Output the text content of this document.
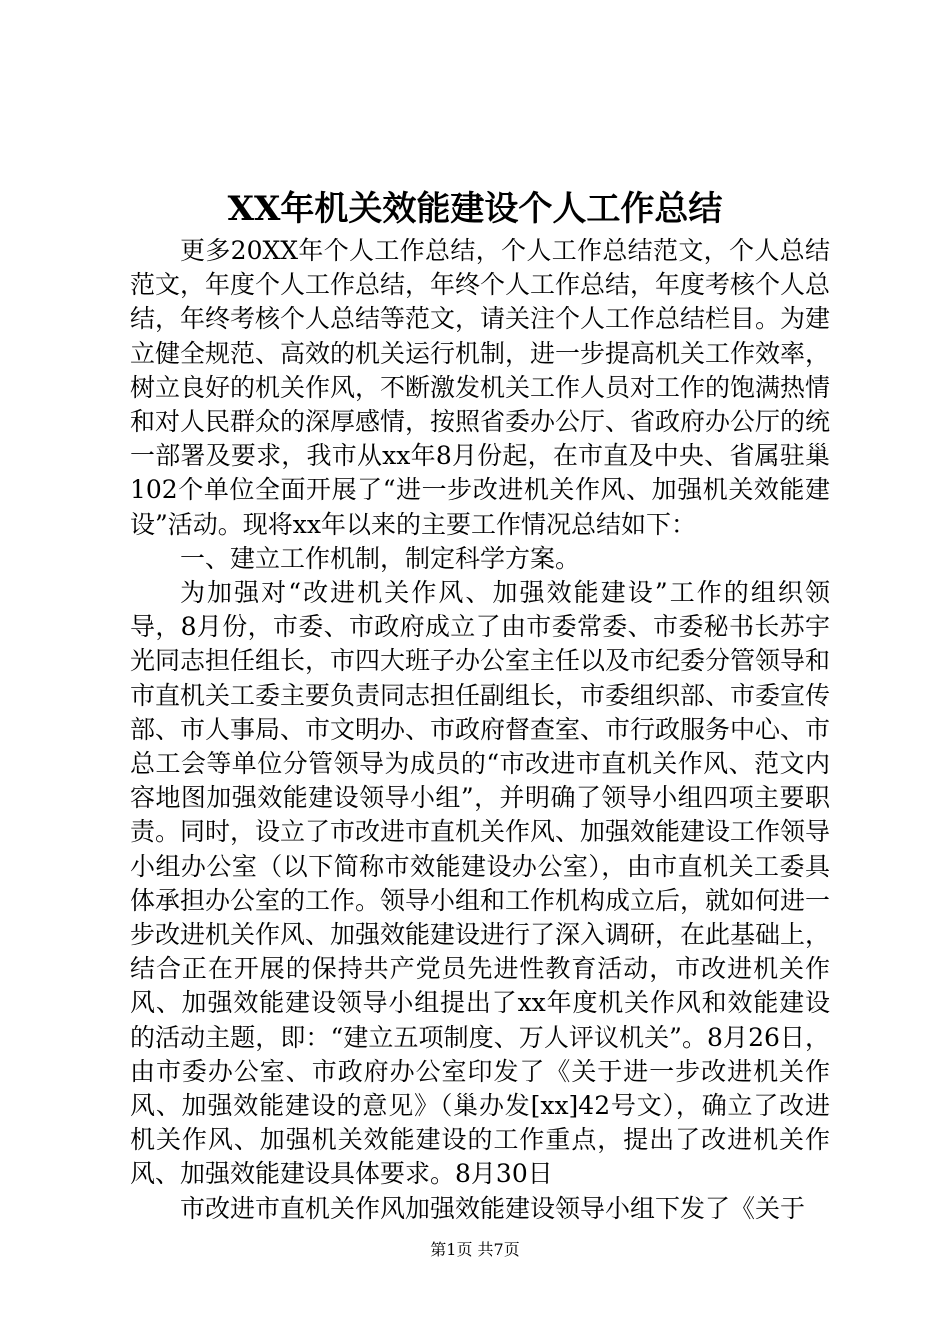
XX年机关效能建设个人工作总结

更多20XX年个人工作总结，个人工作总结范文，个人总结范文，年度个人工作总结，年终个人工作总结，年度考核个人总结，年终考核个人总结等范文，请关注个人工作总结栏目。为建立健全规范、高效的机关运行机制，进一步提高机关工作效率，树立良好的机关作风，不断激发机关工作人员对工作的饱满热情和对人民群众的深厚感情，按照省委办公厅、省政府办公厅的统一部署及要求，我市从xx年8月份起，在市直及中央、省属驻巢102个单位全面开展了“进一步改进机关作风、加强机关效能建设”活动。现将xx年以来的主要工作情况总结如下：

一、建立工作机制，制定科学方案。

为加强对“改进机关作风、加强效能建设”工作的组织领导，8月份，市委、市政府成立了由市委常委、市委秘书长苏宇光同志担任组长，市四大班子办公室主任以及市纪委分管领导和市直机关工委主要负责同志担任副组长，市委组织部、市委宣传部、市人事局、市文明办、市政府督查室、市行政服务中心、市总工会等单位分管领导为成员的“市改进市直机关作风、范文内容地图加强效能建设领导小组”，并明确了领导小组四项主要职责。同时，设立了市改进市直机关作风、加强效能建设工作领导小组办公室（以下简称市效能建设办公室），由市直机关工委具体承担办公室的工作。领导小组和工作机构成立后，就如何进一步改进机关作风、加强效能建设进行了深入调研，在此基础上，结合正在开展的保持共产党员先进性教育活动，市改进机关作风、加强效能建设领导小组提出了xx年度机关作风和效能建设的活动主题，即：“建立五项制度、万人评议机关”。8月26日，由市委办公室、市政府办公室印发了《关于进一步改进机关作风、加强效能建设的意见》（巢办发[xx]42号文），确立了改进机关作风、加强机关效能建设的工作重点，提出了改进机关作风、加强效能建设具体要求。8月30日

市改进市直机关作风加强效能建设领导小组下发了《关于

第1页 共7页
